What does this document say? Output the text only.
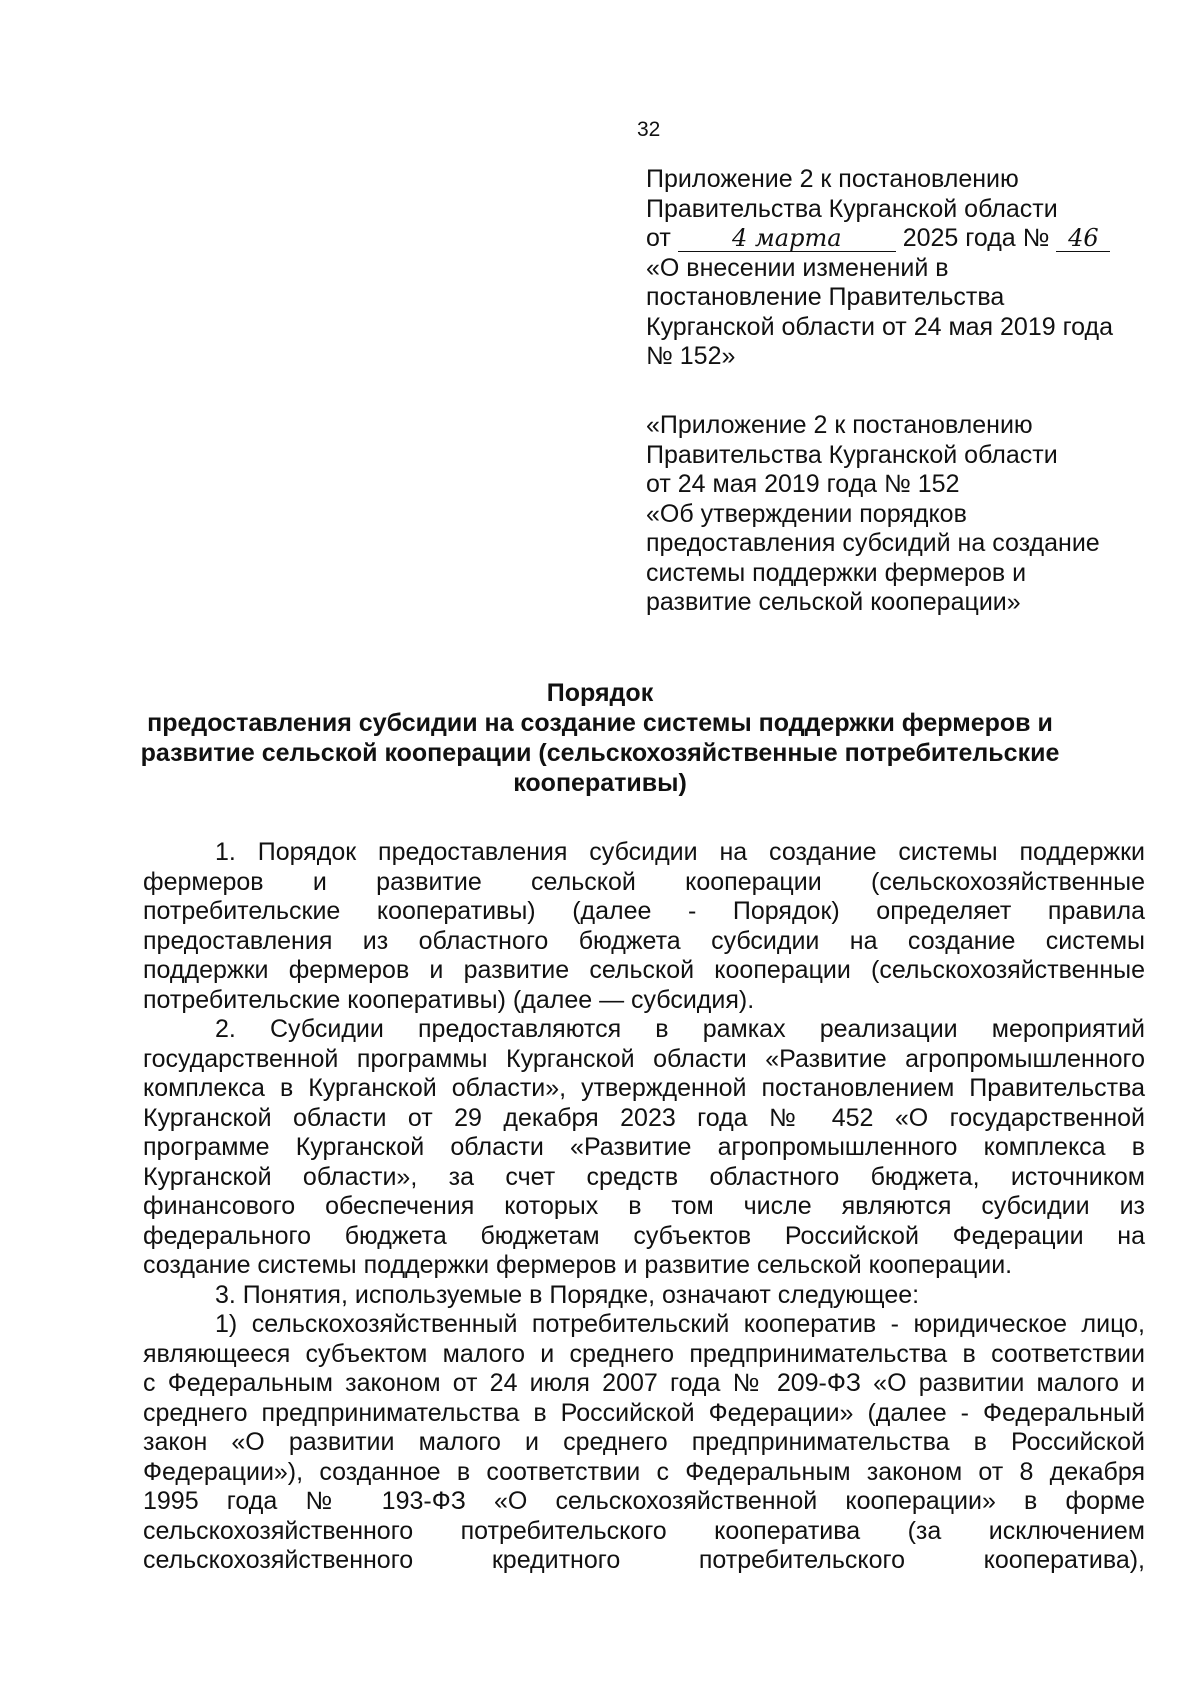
32
Приложение 2 к постановлению
Правительства Курганской области
от	4 марта 2025 года № 46
«О внесении изменений в
постановление Правительства
Курганской области от 24 мая 2019 года
№ 152»
«Приложение 2 к постановлению
Правительства Курганской области
от 24 мая 2019 года № 152
«Об утверждении порядков
предоставления субсидий на создание
системы поддержки фермеров и
развитие сельской кооперации»
Порядок
предоставления субсидии на создание системы поддержки фермеров и
развитие сельской кооперации (сельскохозяйственные потребительские
кооперативы)
1. Порядок предоставления субсидии на создание системы поддержки
фермеров и развитие сельской кооперации (сельскохозяйственные
потребительские кооперативы) (далее - Порядок) определяет правила
предоставления из областного бюджета субсидии на создание системы
поддержки фермеров и развитие сельской кооперации (сельскохозяйственные
потребительские кооперативы) (далее — субсидия).
2. Субсидии предоставляются в рамках реализации мероприятий
государственной программы Курганской области «Развитие агропромышленного
комплекса в Курганской области», утвержденной постановлением Правительства
Курганской области от 29 декабря 2023 года № 452 «О государственной
программе Курганской области «Развитие агропромышленного комплекса в
Курганской области», за счет средств областного бюджета, источником
финансового обеспечения которых в том числе являются субсидии из
федерального бюджета бюджетам субъектов Российской Федерации на
создание системы поддержки фермеров и развитие сельской кооперации.
3. Понятия, используемые в Порядке, означают следующее:
1) сельскохозяйственный потребительский кооператив - юридическое лицо,
являющееся субъектом малого и среднего предпринимательства в соответствии
с Федеральным законом от 24 июля 2007 года № 209-ФЗ «О развитии малого и
среднего предпринимательства в Российской Федерации» (далее - Федеральный
закон «О развитии малого и среднего предпринимательства в Российской
Федерации»), созданное в соответствии с Федеральным законом от 8 декабря
1995 года № 193-ФЗ «О сельскохозяйственной кооперации» в форме
сельскохозяйственного потребительского кооператива (за исключением
сельскохозяйственного кредитного потребительского кооператива),
